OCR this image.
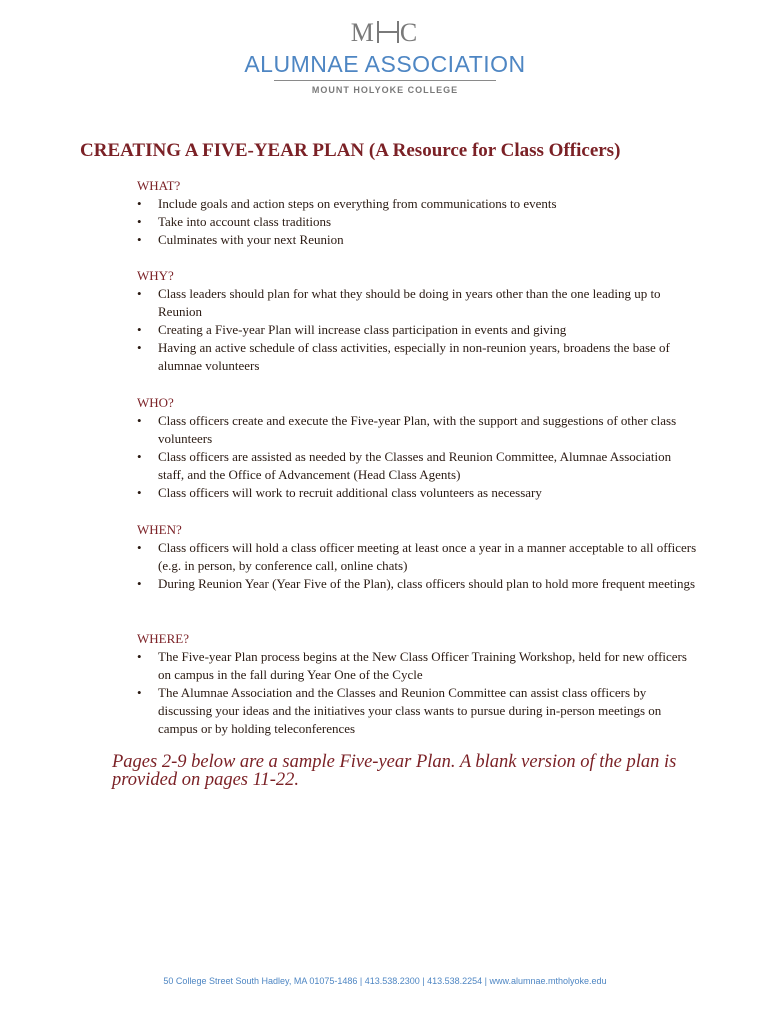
M C
ALUMNAE ASSOCIATION
MOUNT HOLYOKE COLLEGE
CREATING A FIVE-YEAR PLAN (A Resource for Class Officers)
WHAT?
• Include goals and action steps on everything from communications to events
• Take into account class traditions
• Culminates with your next Reunion
WHY?
• Class leaders should plan for what they should be doing in years other than the one leading up to Reunion
• Creating a Five-year Plan will increase class participation in events and giving
• Having an active schedule of class activities, especially in non-reunion years, broadens the base of alumnae volunteers
WHO?
• Class officers create and execute the Five-year Plan, with the support and suggestions of other class volunteers
• Class officers are assisted as needed by the Classes and Reunion Committee, Alumnae Association staff, and the Office of Advancement (Head Class Agents)
• Class officers will work to recruit additional class volunteers as necessary
WHEN?
• Class officers will hold a class officer meeting at least once a year in a manner acceptable to all officers (e.g. in person, by conference call, online chats)
• During Reunion Year (Year Five of the Plan), class officers should plan to hold more frequent meetings
WHERE?
• The Five-year Plan process begins at the New Class Officer Training Workshop, held for new officers on campus in the fall during Year One of the Cycle
• The Alumnae Association and the Classes and Reunion Committee can assist class officers by discussing your ideas and the initiatives your class wants to pursue during in-person meetings on campus or by holding teleconferences

Pages 2-9 below are a sample Five-year Plan. A blank version of the plan is provided on pages 11-22.

50 College Street South Hadley, MA 01075-1486 | 413.538.2300 | 413.538.2254 | www.alumnae.mtholyoke.edu
